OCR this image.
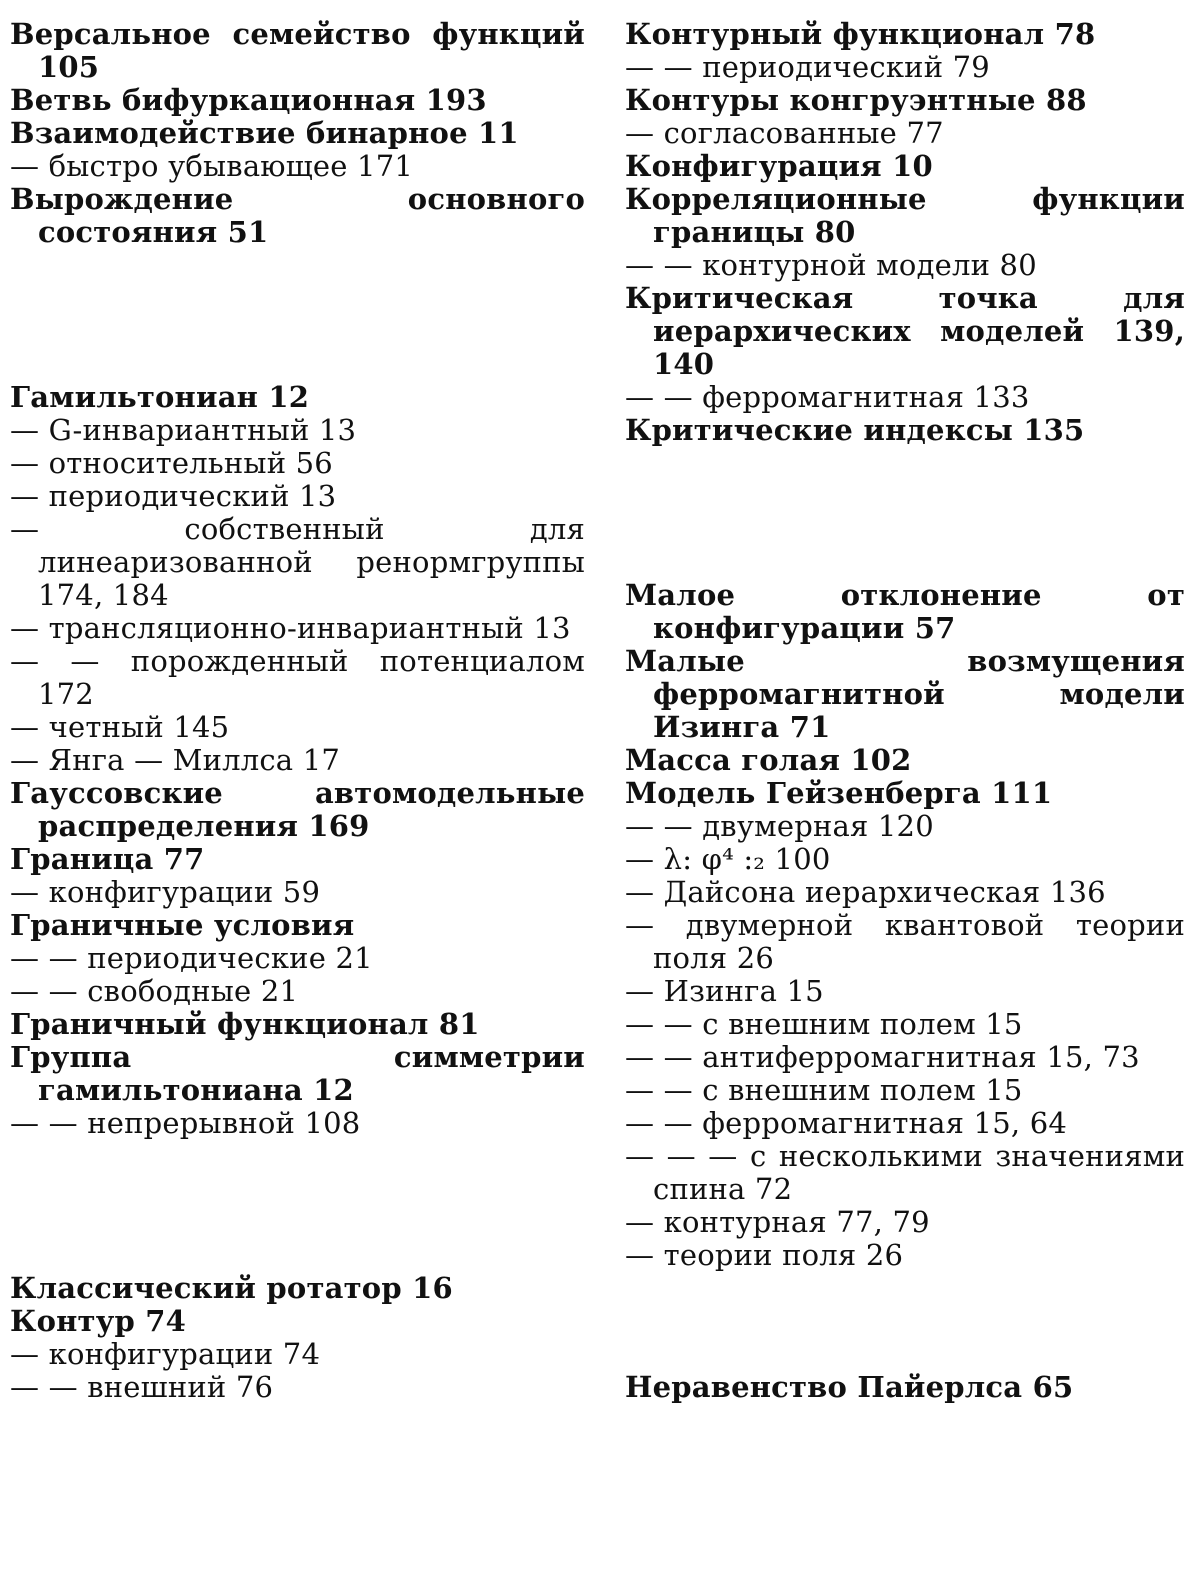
Версальное семейство функций 105
Ветвь бифуркационная 193
Взаимодействие бинарное 11
— быстро убывающее 171
Вырождение основного состояния 51
Гамильтониан 12
— G-инвариантный 13
— относительный 56
— периодический 13
— собственный для линеаризованной ренормгруппы 174, 184
— трансляционно-инвариантный 13
— — порожденный потенциалом 172
— четный 145
— Янга — Миллса 17
Гауссовские автомодельные распределения 169
Граница 77
— конфигурации 59
Граничные условия
— — периодические 21
— — свободные 21
Граничный функционал 81
Группа симметрии гамильтониана 12
— — непрерывной 108
Классический ротатор 16
Контур 74
— конфигурации 74
— — внешний 76
Контурный функционал 78
— — периодический 79
Контуры конгруэнтные 88
— согласованные 77
Конфигурация 10
Корреляционные функции границы 80
— — контурной модели 80
Критическая точка для иерархических моделей 139, 140
— — ферромагнитная 133
Критические индексы 135
Малое отклонение от конфигурации 57
Малые возмущения ферромагнитной модели Изинга 71
Масса голая 102
Модель Гейзенберга 111
— — двумерная 120
— λ: φ⁴ :₂ 100
— Дайсона иерархическая 136
— двумерной квантовой теории поля 26
— Изинга 15
— — с внешним полем 15
— — антиферромагнитная 15, 73
— — с внешним полем 15
— — ферромагнитная 15, 64
— — — с несколькими значениями спина 72
— контурная 77, 79
— теории поля 26
Неравенство Пайерлса 65
